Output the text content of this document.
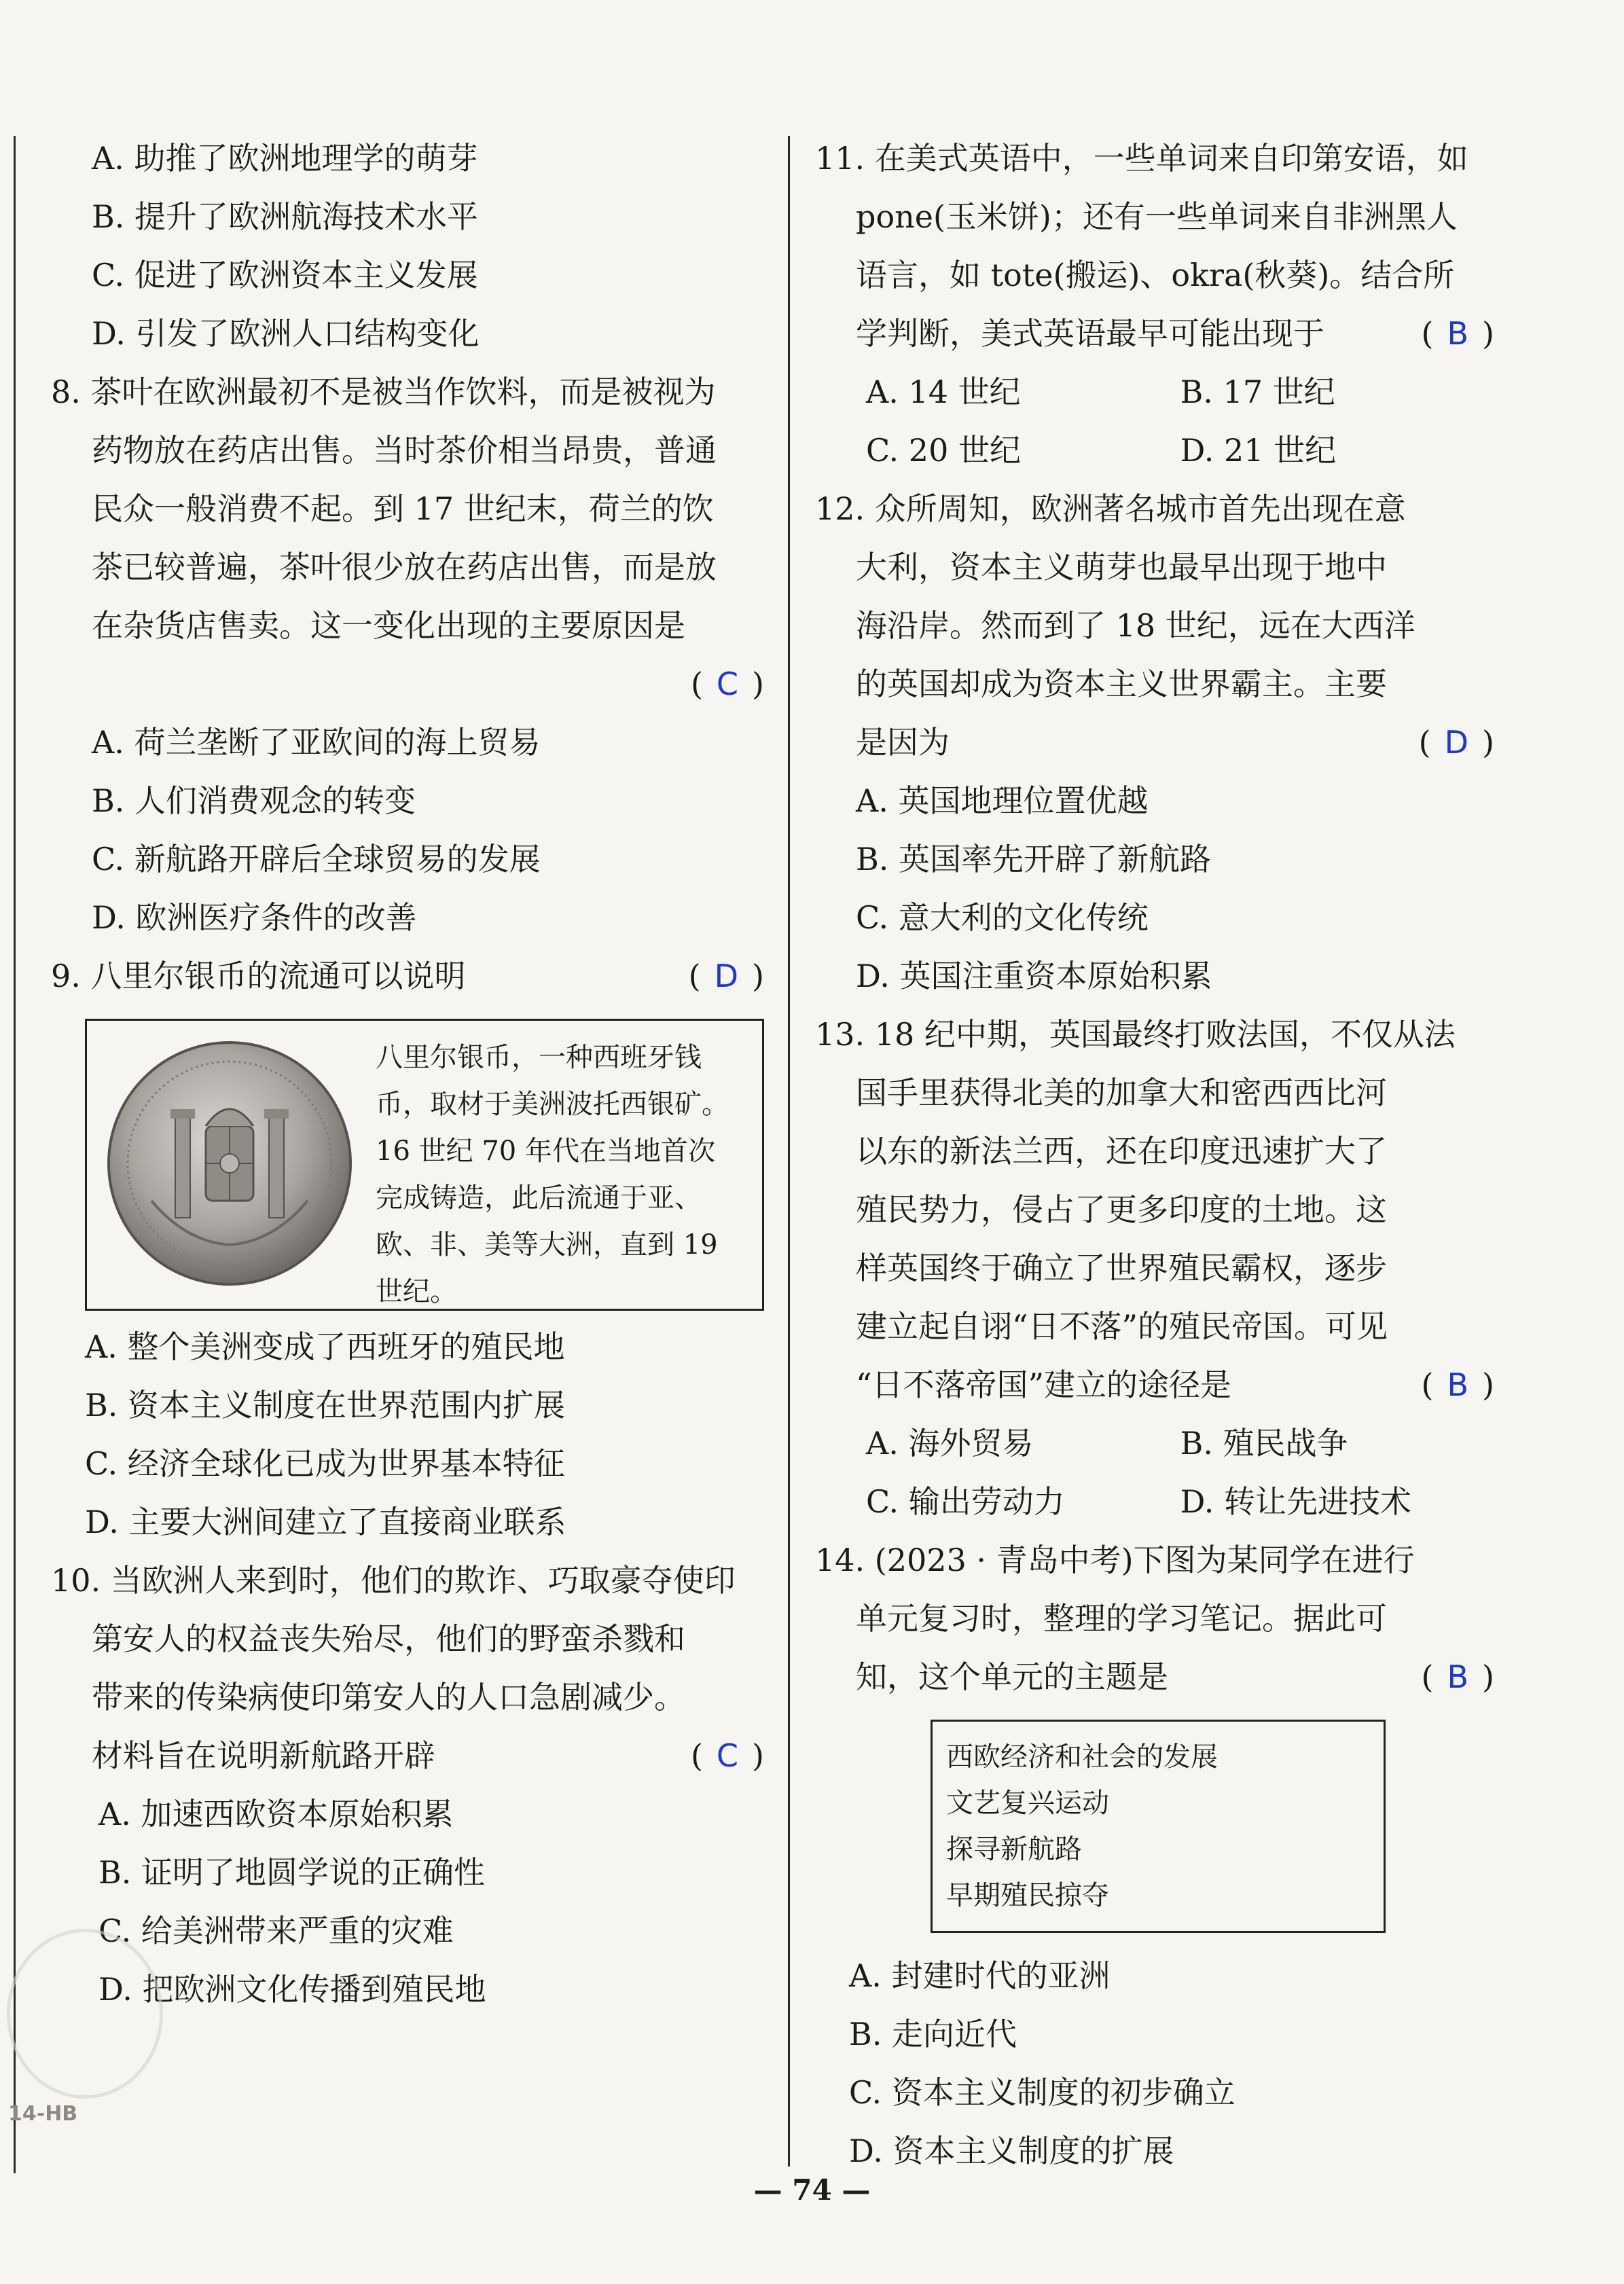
A. 助推了欧洲地理学的萌芽
B. 提升了欧洲航海技术水平
C. 促进了欧洲资本主义发展
D. 引发了欧洲人口结构变化
8. 茶叶在欧洲最初不是被当作饮料，而是被视为
药物放在药店出售。当时茶价相当昂贵，普通
民众一般消费不起。到 17 世纪末，荷兰的饮
茶已较普遍，茶叶很少放在药店出售，而是放
在杂货店售卖。这一变化出现的主要原因是
( C )
A. 荷兰垄断了亚欧间的海上贸易
B. 人们消费观念的转变
C. 新航路开辟后全球贸易的发展
D. 欧洲医疗条件的改善
9. 八里尔银币的流通可以说明	( D )
八里尔银币，一种西班牙钱
币，取材于美洲波托西银矿。
16 世纪 70 年代在当地首次
完成铸造，此后流通于亚、
欧、非、美等大洲，直到 19
世纪。
A. 整个美洲变成了西班牙的殖民地
B. 资本主义制度在世界范围内扩展
C. 经济全球化已成为世界基本特征
D. 主要大洲间建立了直接商业联系
10. 当欧洲人来到时，他们的欺诈、巧取豪夺使印
第安人的权益丧失殆尽，他们的野蛮杀戮和
带来的传染病使印第安人的人口急剧减少。
材料旨在说明新航路开辟	( C )
A. 加速西欧资本原始积累
B. 证明了地圆学说的正确性
C. 给美洲带来严重的灾难
D. 把欧洲文化传播到殖民地
11. 在美式英语中，一些单词来自印第安语，如
pone(玉米饼)；还有一些单词来自非洲黑人
语言，如 tote(搬运)、okra(秋葵)。结合所
学判断，美式英语最早可能出现于	( B )
A. 14 世纪	B. 17 世纪
C. 20 世纪	D. 21 世纪
12. 众所周知，欧洲著名城市首先出现在意
大利，资本主义萌芽也最早出现于地中
海沿岸。然而到了 18 世纪，远在大西洋
的英国却成为资本主义世界霸主。主要
是因为	( D )
A. 英国地理位置优越
B. 英国率先开辟了新航路
C. 意大利的文化传统
D. 英国注重资本原始积累
13. 18 纪中期，英国最终打败法国，不仅从法
国手里获得北美的加拿大和密西西比河
以东的新法兰西，还在印度迅速扩大了
殖民势力，侵占了更多印度的土地。这
样英国终于确立了世界殖民霸权，逐步
建立起自诩“日不落”的殖民帝国。可见
“日不落帝国”建立的途径是	( B )
A. 海外贸易	B. 殖民战争
C. 输出劳动力	D. 转让先进技术
14. (2023 · 青岛中考)下图为某同学在进行
单元复习时，整理的学习笔记。据此可
知，这个单元的主题是	( B )
西欧经济和社会的发展
文艺复兴运动
探寻新航路
早期殖民掠夺
A. 封建时代的亚洲
B. 走向近代
C. 资本主义制度的初步确立
D. 资本主义制度的扩展
14-HB
— 74 —
